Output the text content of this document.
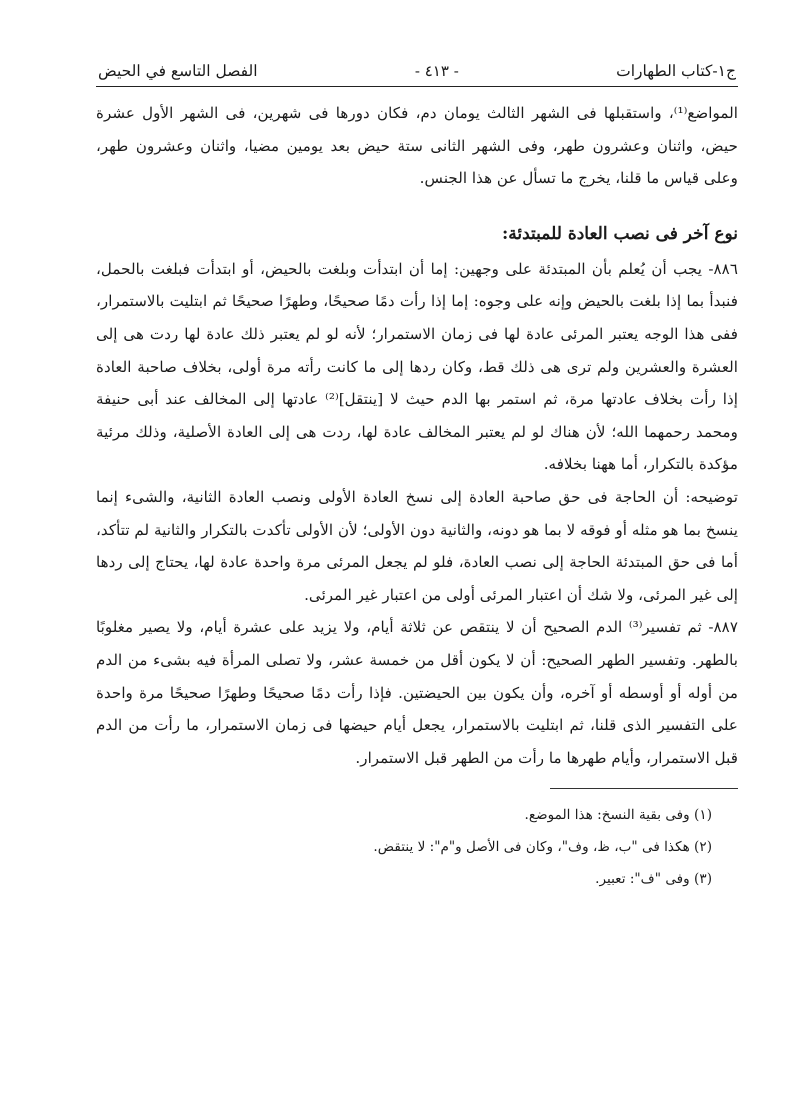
ج١-كتاب الطهارات
- ٤١٣ -
الفصل التاسع في الحيض

المواضع⁽¹⁾، واستقبلها فى الشهر الثالث يومان دم، فكان دورها فى شهرين، فى الشهر الأول عشرة حيض، واثنان وعشرون طهر، وفى الشهر الثانى ستة حيض بعد يومين مضيا، واثنان وعشرون طهر، وعلى قياس ما قلنا، يخرج ما تسأل عن هذا الجنس.

نوع آخر فى نصب العادة للمبتدئة:

٨٨٦- يجب أن يُعلم بأن المبتدئة على وجهين: إما أن ابتدأت وبلغت بالحيض، أو ابتدأت فبلغت بالحمل، فنبدأ بما إذا بلغت بالحيض وإنه على وجوه: إما إذا رأت دمًا صحيحًا، وطهرًا صحيحًا ثم ابتليت بالاستمرار، ففى هذا الوجه يعتبر المرئى عادة لها فى زمان الاستمرار؛ لأنه لو لم يعتبر ذلك عادة لها ردت هى إلى العشرة والعشرين ولم ترى هى ذلك قط، وكان ردها إلى ما كانت رأته مرة أولى، بخلاف صاحبة العادة إذا رأت بخلاف عادتها مرة، ثم استمر بها الدم حيث لا [ينتقل]⁽²⁾ عادتها إلى المخالف عند أبى حنيفة ومحمد رحمهما الله؛ لأن هناك لو لم يعتبر المخالف عادة لها، ردت هى إلى العادة الأصلية، وذلك مرئية مؤكدة بالتكرار، أما ههنا بخلافه.

توضيحه: أن الحاجة فى حق صاحبة العادة إلى نسخ العادة الأولى ونصب العادة الثانية، والشىء إنما ينسخ بما هو مثله أو فوقه لا بما هو دونه، والثانية دون الأولى؛ لأن الأولى تأكدت بالتكرار والثانية لم تتأكد، أما فى حق المبتدئة الحاجة إلى نصب العادة، فلو لم يجعل المرئى مرة واحدة عادة لها، يحتاج إلى ردها إلى غير المرئى، ولا شك أن اعتبار المرئى أولى من اعتبار غير المرئى.

٨٨٧- ثم تفسير⁽³⁾ الدم الصحيح أن لا ينتقص عن ثلاثة أيام، ولا يزيد على عشرة أيام، ولا يصير مغلوبًا بالطهر. وتفسير الطهر الصحيح: أن لا يكون أقل من خمسة عشر، ولا تصلى المرأة فيه بشىء من الدم من أوله أو أوسطه أو آخره، وأن يكون بين الحيضتين. فإذا رأت دمًا صحيحًا وطهرًا صحيحًا مرة واحدة على التفسير الذى قلنا، ثم ابتليت بالاستمرار، يجعل أيام حيضها فى زمان الاستمرار، ما رأت من الدم قبل الاستمرار، وأيام طهرها ما رأت من الطهر قبل الاستمرار.

(١) وفى بقية النسخ: هذا الموضع.

(٢) هكذا فى "ب، ظ، وف"، وكان فى الأصل و"م": لا ينتقض.

(٣) وفى "ف": تعبير.
